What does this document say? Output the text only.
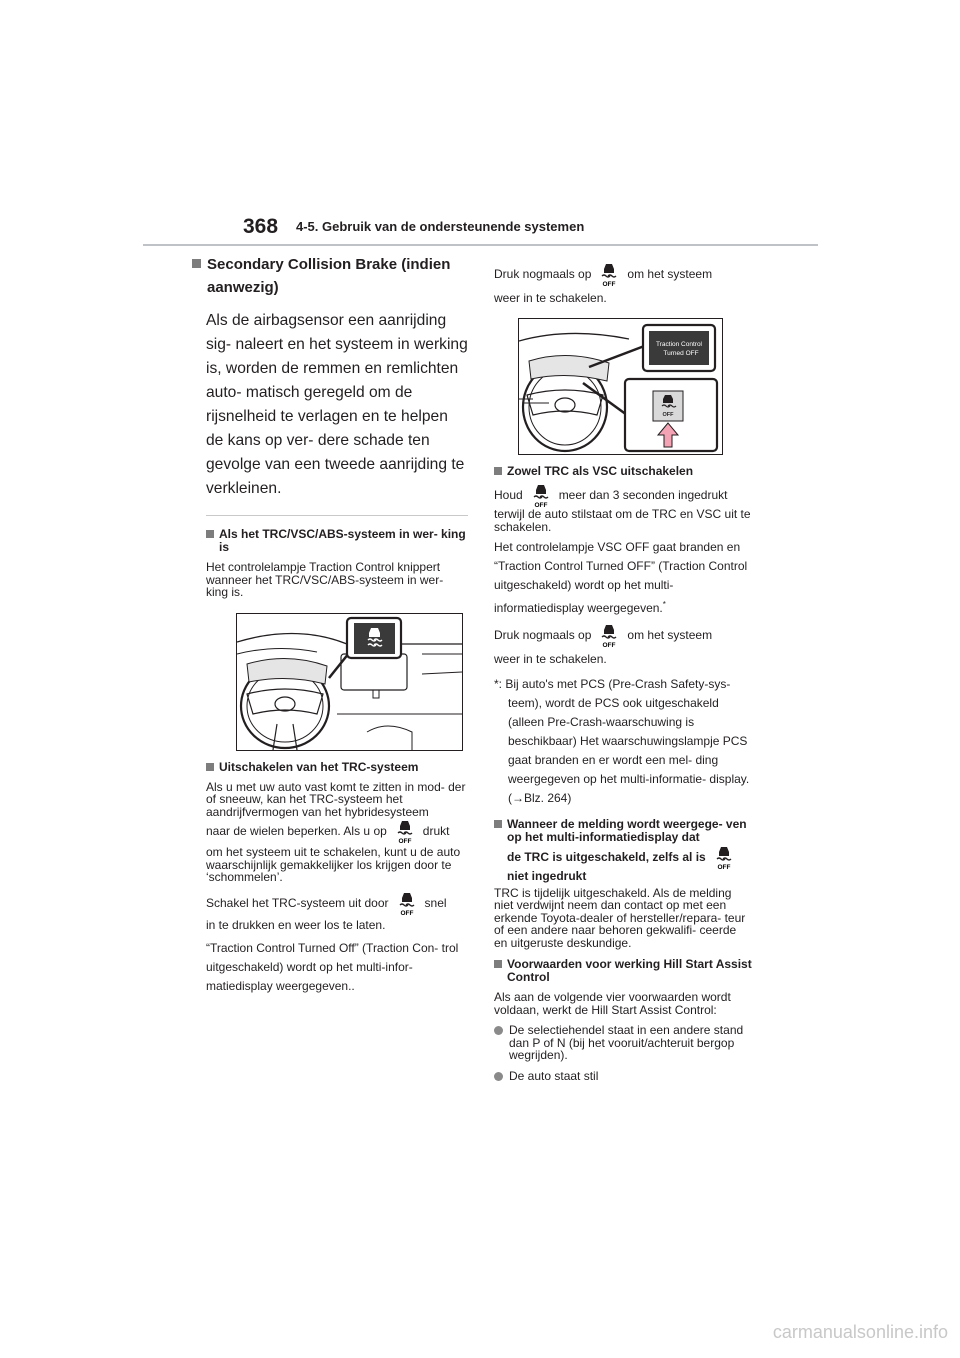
368 4-5. Gebruik van de ondersteunende systemen
Secondary Collision Brake (indien aanwezig)

Als de airbagsensor een aanrijding sig- naleert en het systeem in werking is, worden de remmen en remlichten auto- matisch geregeld om de rijsnelheid te verlagen en te helpen de kans op ver- dere schade ten gevolge van een tweede aanrijding te verkleinen.

Als het TRC/VSC/ABS-systeem in wer- king is

Het controlelampje Traction Control knippert wanneer het TRC/VSC/ABS-systeem in wer- king is.

Uitschakelen van het TRC-systeem

Als u met uw auto vast komt te zitten in mod- der of sneeuw, kan het TRC-systeem het aandrijfvermogen van het hybridesysteem

naar de wielen beperken. Als u op
OFF
drukt

om het systeem uit te schakelen, kunt u de auto waarschijnlijk gemakkelijker los krijgen door te ‘schommelen’.

Schakel het TRC-systeem uit door
OFF
snel

in te drukken en weer los te laten.

“Traction Control Turned Off” (Traction Con- trol uitgeschakeld) wordt op het multi-infor- matiedisplay weergegeven..

Druk nogmaals op
OFF
om het systeem

weer in te schakelen.

Traction Control
Turned OFF
OFF
Zowel TRC als VSC uitschakelen

Houd
OFF
meer dan 3 seconden ingedrukt

terwijl de auto stilstaat om de TRC en VSC uit te schakelen.

Het controlelampje VSC OFF gaat branden en “Traction Control Turned OFF” (Traction Control uitgeschakeld) wordt op het multi-informatiedisplay weergegeven.*

Druk nogmaals op
OFF
om het systeem

weer in te schakelen.

*: Bij auto's met PCS (Pre-Crash Safety-sys- teem), wordt de PCS ook uitgeschakeld (alleen Pre-Crash-waarschuwing is beschikbaar) Het waarschuwingslampje PCS gaat branden en er wordt een mel- ding weergegeven op het multi-informatie- display. (→Blz. 264)

Wanneer de melding wordt weergege- ven op het multi-informatiedisplay dat

de TRC is uitgeschakeld, zelfs al is
OFF

niet ingedrukt

TRC is tijdelijk uitgeschakeld. Als de melding niet verdwijnt neem dan contact op met een erkende Toyota-dealer of hersteller/repara- teur of een andere naar behoren gekwalifi- ceerde en uitgeruste deskundige.

Voorwaarden voor werking Hill Start Assist Control

Als aan de volgende vier voorwaarden wordt voldaan, werkt de Hill Start Assist Control:

De selectiehendel staat in een andere stand dan P of N (bij het vooruit/achteruit bergop wegrijden).
De auto staat stil
carmanualsonline.info
